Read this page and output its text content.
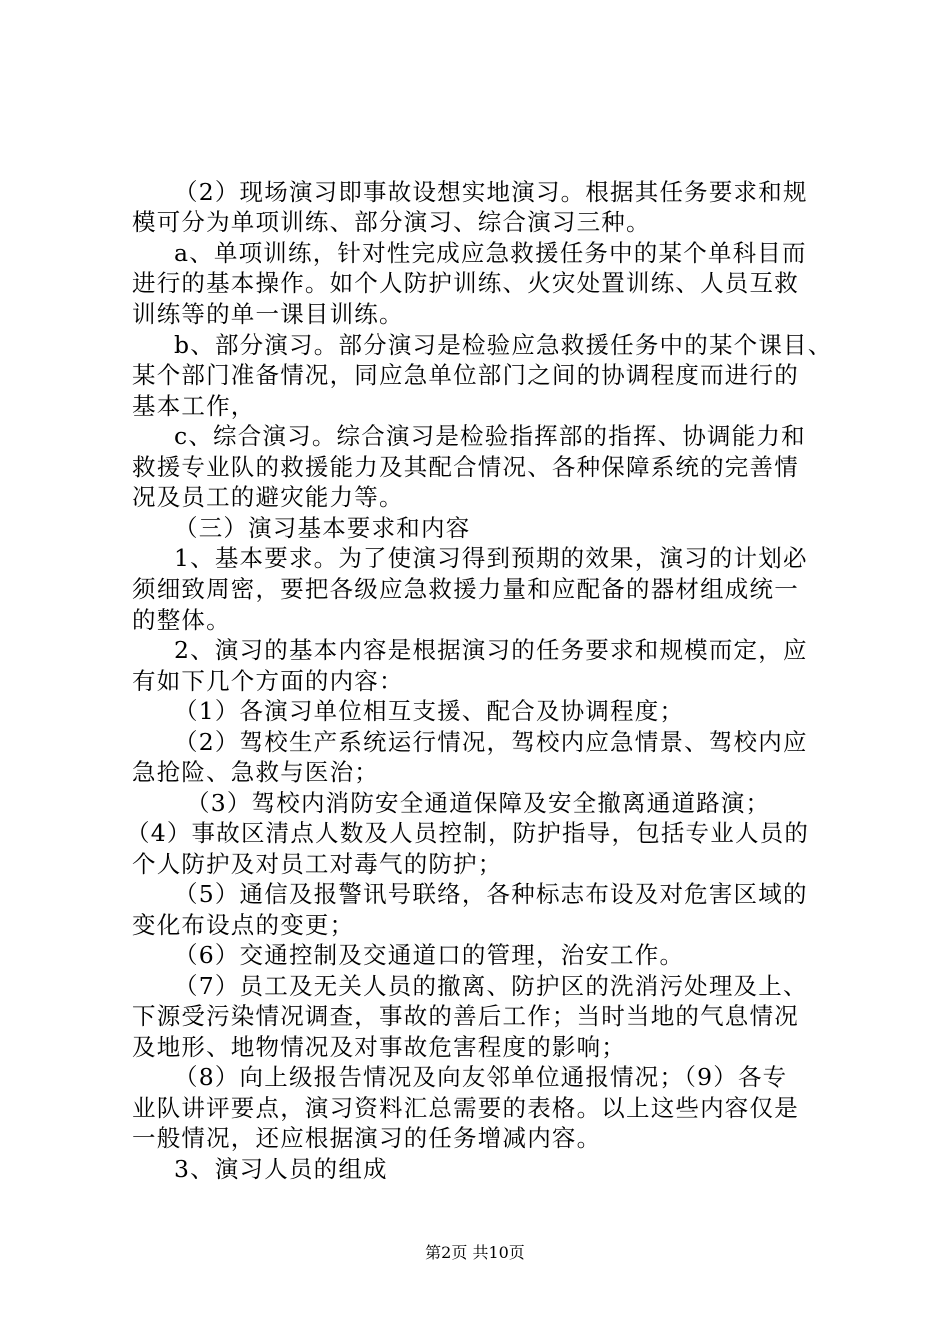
（2）现场演习即事故设想实地演习。根据其任务要求和规
模可分为单项训练、部分演习、综合演习三种。
a、单项训练，针对性完成应急救援任务中的某个单科目而
进行的基本操作。如个人防护训练、火灾处置训练、人员互救
训练等的单一课目训练。
b、部分演习。部分演习是检验应急救援任务中的某个课目、
某个部门准备情况，同应急单位部门之间的协调程度而进行的
基本工作，
c、综合演习。综合演习是检验指挥部的指挥、协调能力和
救援专业队的救援能力及其配合情况、各种保障系统的完善情
况及员工的避灾能力等。
（三）演习基本要求和内容
1、基本要求。为了使演习得到预期的效果，演习的计划必
须细致周密，要把各级应急救援力量和应配备的器材组成统一
的整体。
2、演习的基本内容是根据演习的任务要求和规模而定，应
有如下几个方面的内容：
（1）各演习单位相互支援、配合及协调程度；
（2）驾校生产系统运行情况，驾校内应急情景、驾校内应
急抢险、急救与医治；
（3）驾校内消防安全通道保障及安全撤离通道路演；
（4）事故区清点人数及人员控制，防护指导，包括专业人员的
个人防护及对员工对毒气的防护；
（5）通信及报警讯号联络，各种标志布设及对危害区域的
变化布设点的变更；
（6）交通控制及交通道口的管理，治安工作。
（7）员工及无关人员的撤离、防护区的洗消污处理及上、
下源受污染情况调查，事故的善后工作；当时当地的气息情况
及地形、地物情况及对事故危害程度的影响；
（8）向上级报告情况及向友邻单位通报情况；（9）各专
业队讲评要点，演习资料汇总需要的表格。以上这些内容仅是
一般情况，还应根据演习的任务增减内容。
3、演习人员的组成
第2页 共10页
